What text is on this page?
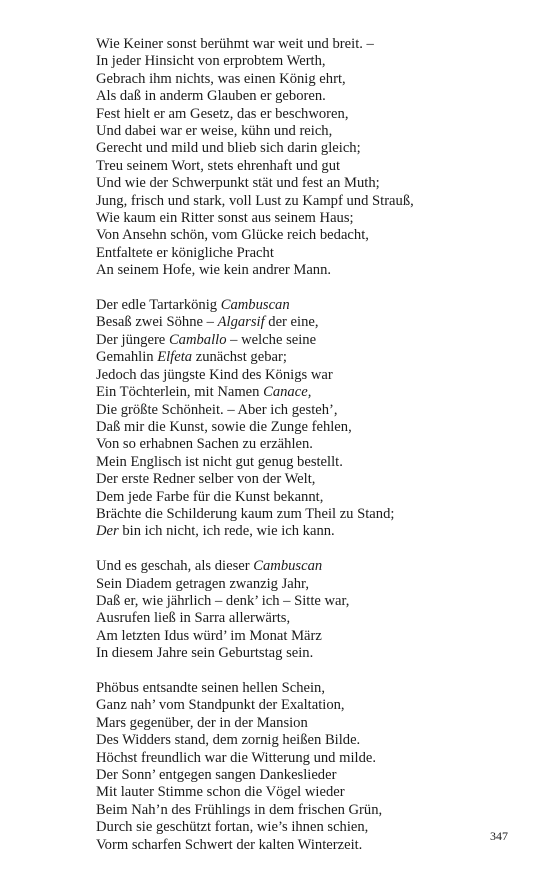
Wie Keiner sonst berühmt war weit und breit. –
In jeder Hinsicht von erprobtem Werth,
Gebrach ihm nichts, was einen König ehrt,
Als daß in anderm Glauben er geboren.
Fest hielt er am Gesetz, das er beschworen,
Und dabei war er weise, kühn und reich,
Gerecht und mild und blieb sich darin gleich;
Treu seinem Wort, stets ehrenhaft und gut
Und wie der Schwerpunkt stät und fest an Muth;
Jung, frisch und stark, voll Lust zu Kampf und Strauß,
Wie kaum ein Ritter sonst aus seinem Haus;
Von Ansehn schön, vom Glücke reich bedacht,
Entfaltete er königliche Pracht
An seinem Hofe, wie kein andrer Mann.
Der edle Tartarkönig Cambuscan
Besaß zwei Söhne – Algarsif der eine,
Der jüngere Camballo – welche seine
Gemahlin Elfeta zunächst gebar;
Jedoch das jüngste Kind des Königs war
Ein Töchterlein, mit Namen Canace,
Die größte Schönheit. – Aber ich gesteh’,
Daß mir die Kunst, sowie die Zunge fehlen,
Von so erhabnen Sachen zu erzählen.
Mein Englisch ist nicht gut genug bestellt.
Der erste Redner selber von der Welt,
Dem jede Farbe für die Kunst bekannt,
Brächte die Schilderung kaum zum Theil zu Stand;
Der bin ich nicht, ich rede, wie ich kann.
Und es geschah, als dieser Cambuscan
Sein Diadem getragen zwanzig Jahr,
Daß er, wie jährlich – denk’ ich – Sitte war,
Ausrufen ließ in Sarra allerwärts,
Am letzten Idus würd’ im Monat März
In diesem Jahre sein Geburtstag sein.
Phöbus entsandte seinen hellen Schein,
Ganz nah’ vom Standpunkt der Exaltation,
Mars gegenüber, der in der Mansion
Des Widders stand, dem zornig heißen Bilde.
Höchst freundlich war die Witterung und milde.
Der Sonn’ entgegen sangen Dankeslieder
Mit lauter Stimme schon die Vögel wieder
Beim Nah’n des Frühlings in dem frischen Grün,
Durch sie geschützt fortan, wie’s ihnen schien,
Vorm scharfen Schwert der kalten Winterzeit.
347
